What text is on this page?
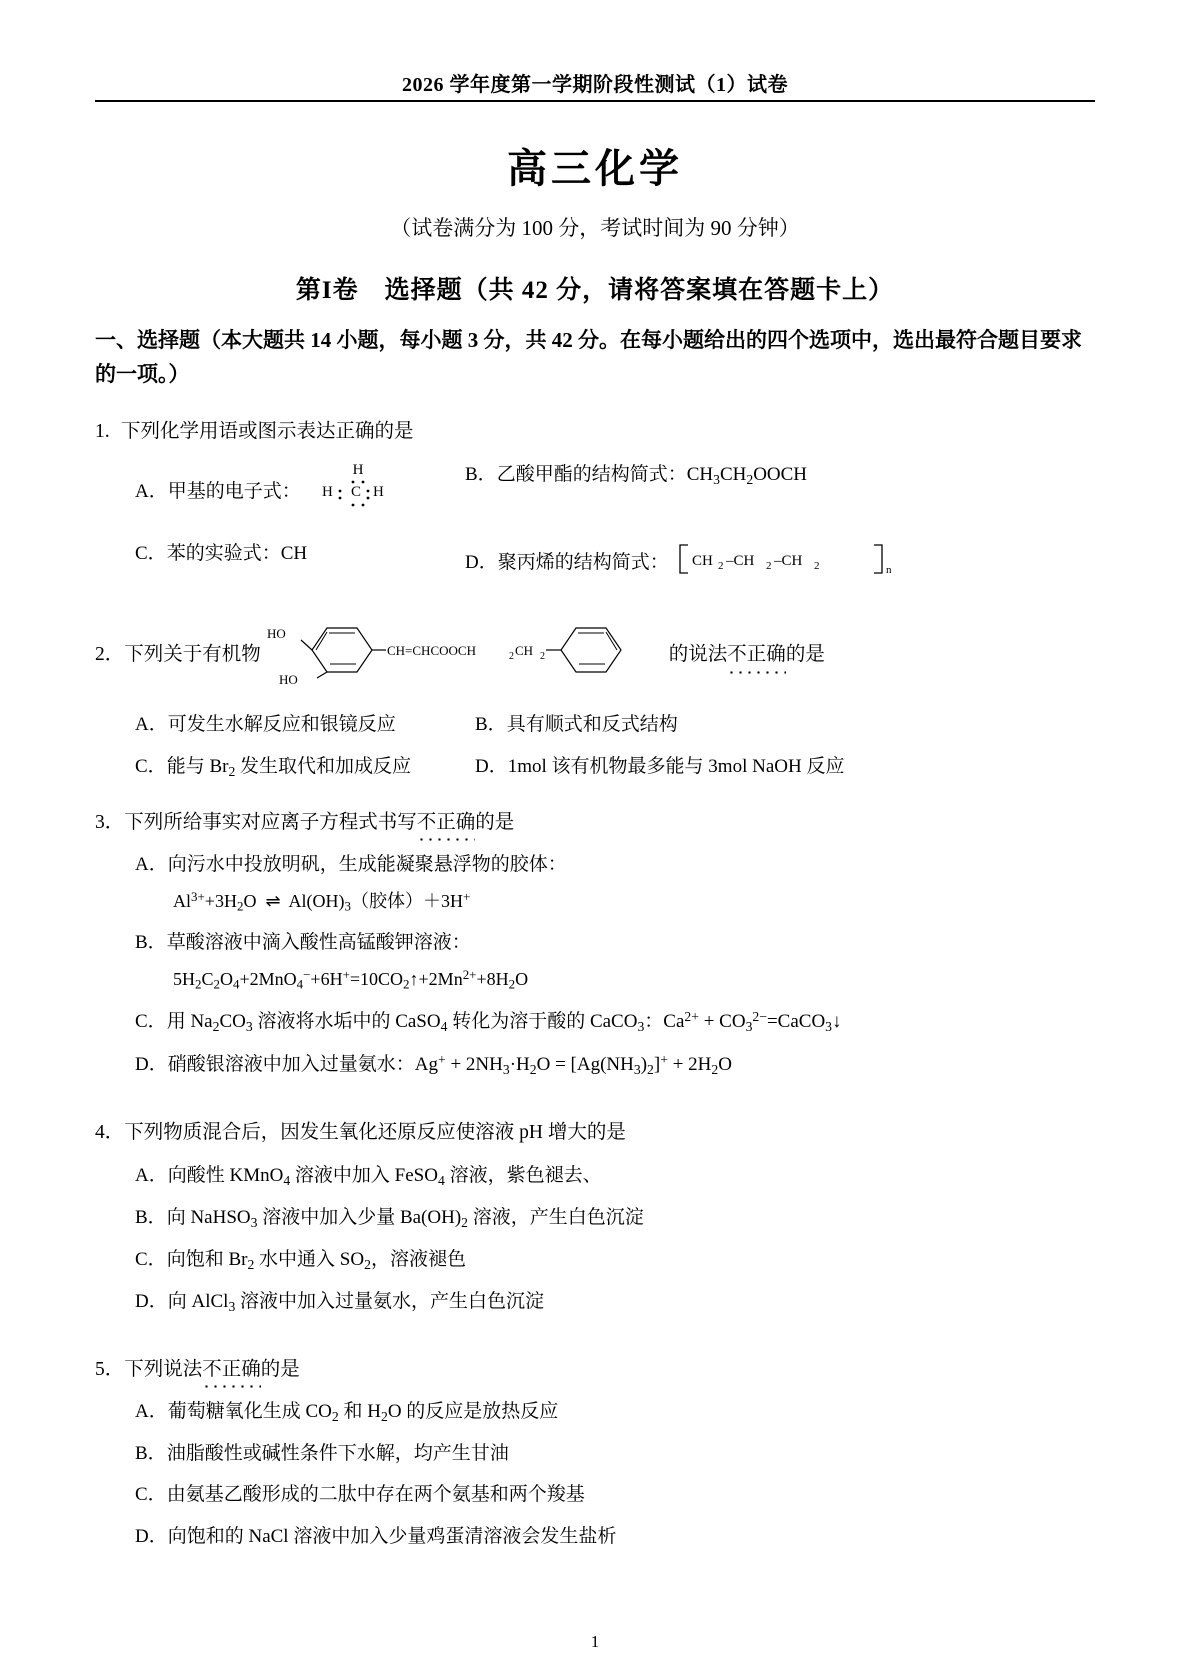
2026 学年度第一学期阶段性测试（1）试卷
高三化学
（试卷满分为 100 分，考试时间为 90 分钟）
第I卷　选择题（共 42 分，请将答案填在答题卡上）
一、选择题（本大题共 14 小题，每小题 3 分，共 42 分。在每小题给出的四个选项中，选出最符合题目要求的一项。）
1. 下列化学用语或图示表达正确的是
A．甲基的电子式：
H
H C H
B．乙酸甲酯的结构简式：$CH_3CH_2OOCH$
C．苯的实验式：CH	D．聚丙烯的结构简式： CH 2 –CH 2 –CH 2	n
2． 下列关于有机物
HO
HO
CH=CHCOOCH	2 CH 2	的说法不正确的是
A．可发生水解反应和银镜反应	B．具有顺式和反式结构
C．能与 $Br_2$ 发生取代和加成反应	D．1mol 该有机物最多能与 3mol NaOH 反应
3． 下列所给事实对应离子方程式书写不正确的是
A．向污水中投放明矾，生成能凝聚悬浮物的胶体：
$Al^{3+}+3H_2O$  ⇌  $Al(OH)_3$（胶体）＋3H+
B．草酸溶液中滴入酸性高锰酸钾溶液：
$5H_2C_2O_4+2MnO_4^-+6H^+=10CO_2↑+2Mn^{2+}+8H_2O$
C．用 $Na_2CO_3$ 溶液将水垢中的 CaSO$_4$ 转化为溶于酸的 CaCO$_3$：$Ca^{2+}$ + $CO_3^{2-}=CaCO_3↓$
D．硝酸银溶液中加入过量氨水：$Ag^+ + 2NH_3\cdot H_2O = [Ag(NH_3)_2]^+ + 2H_2O$
4． 下列物质混合后，因发生氧化还原反应使溶液 pH 增大的是
A．向酸性 KMnO$_4$ 溶液中加入 FeSO$_4$ 溶液，紫色褪去、
B．向 NaHSO$_3$ 溶液中加入少量 $Ba(OH)_2$ 溶液，产生白色沉淀
C．向饱和 $Br_2$ 水中通入 $SO_2$，溶液褪色
D．向 AlCl$_3$ 溶液中加入过量氨水，产生白色沉淀
5． 下列说法不正确的是
A．葡萄糖氧化生成 $CO_2$ 和 $H_2O$ 的反应是放热反应
B．油脂酸性或碱性条件下水解，均产生甘油
C．由氨基乙酸形成的二肽中存在两个氨基和两个羧基
D．向饱和的 NaCl 溶液中加入少量鸡蛋清溶液会发生盐析
1
